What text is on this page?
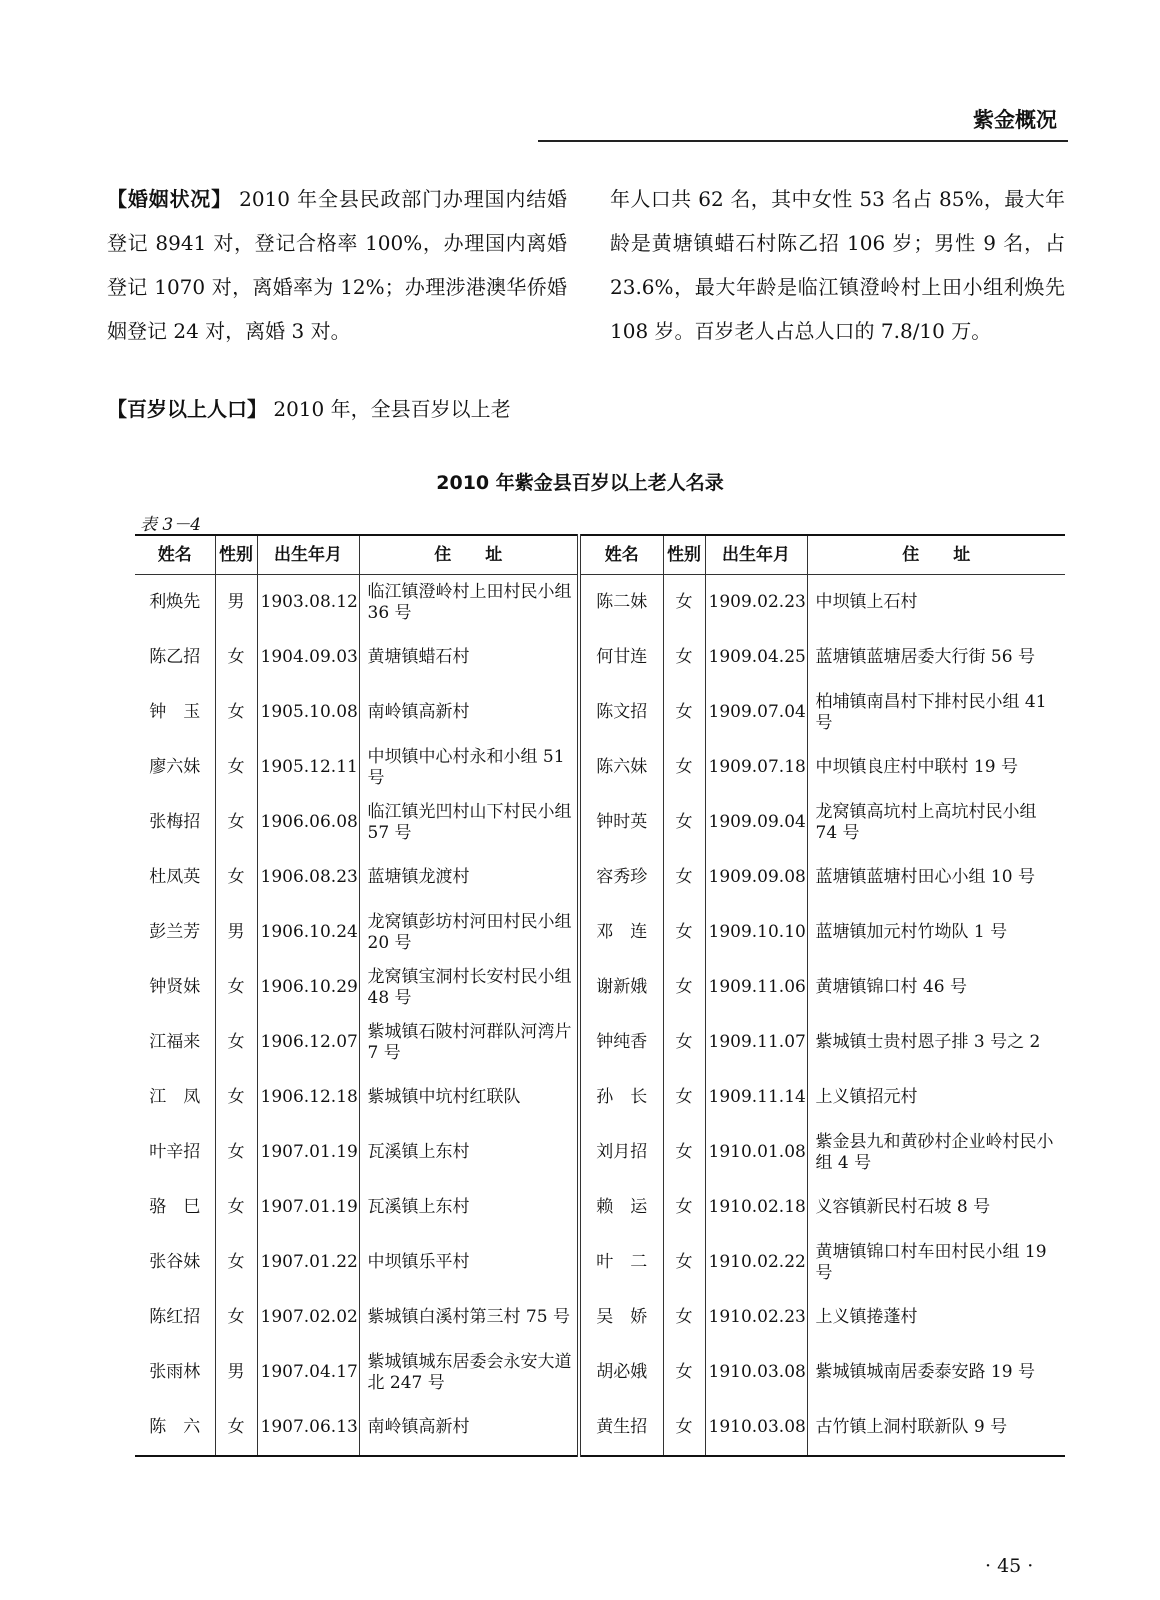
紫金概况

【婚姻状况】 2010 年全县民政部门办理国内结婚登记 8941 对，登记合格率 100%，办理国内离婚登记 1070 对，离婚率为 12%；办理涉港澳华侨婚姻登记 24 对，离婚 3 对。

【百岁以上人口】 2010 年，全县百岁以上老

年人口共 62 名，其中女性 53 名占 85%，最大年龄是黄塘镇蜡石村陈乙招 106 岁；男性 9 名，占 23.6%，最大年龄是临江镇澄岭村上田小组利焕先 108 岁。百岁老人占总人口的 7.8/10 万。

2010 年紫金县百岁以上老人名录
表 3－4
姓名	性别	出生年月	住　　址	姓名	性别	出生年月	住　　址
利焕先	男	1903.08.12	临江镇澄岭村上田村民小组 36 号	陈二妹	女	1909.02.23	中坝镇上石村
陈乙招	女	1904.09.03	黄塘镇蜡石村	何甘连	女	1909.04.25	蓝塘镇蓝塘居委大行街 56 号
钟　玉	女	1905.10.08	南岭镇高新村	陈文招	女	1909.07.04	柏埔镇南昌村下排村民小组 41 号
廖六妹	女	1905.12.11	中坝镇中心村永和小组 51 号	陈六妹	女	1909.07.18	中坝镇良庄村中联村 19 号
张梅招	女	1906.06.08	临江镇光凹村山下村民小组 57 号	钟时英	女	1909.09.04	龙窝镇高坑村上高坑村民小组 74 号
杜凤英	女	1906.08.23	蓝塘镇龙渡村	容秀珍	女	1909.09.08	蓝塘镇蓝塘村田心小组 10 号
彭兰芳	男	1906.10.24	龙窝镇彭坊村河田村民小组 20 号	邓　连	女	1909.10.10	蓝塘镇加元村竹坳队 1 号
钟贤妹	女	1906.10.29	龙窝镇宝洞村长安村民小组 48 号	谢新娥	女	1909.11.06	黄塘镇锦口村 46 号
江福来	女	1906.12.07	紫城镇石陂村河群队河湾片 7 号	钟纯香	女	1909.11.07	紫城镇士贵村恩子排 3 号之 2
江　凤	女	1906.12.18	紫城镇中坑村红联队	孙　长	女	1909.11.14	上义镇招元村
叶辛招	女	1907.01.19	瓦溪镇上东村	刘月招	女	1910.01.08	紫金县九和黄砂村企业岭村民小组 4 号
骆　巳	女	1907.01.19	瓦溪镇上东村	赖　运	女	1910.02.18	义容镇新民村石坡 8 号
张谷妹	女	1907.01.22	中坝镇乐平村	叶　二	女	1910.02.22	黄塘镇锦口村车田村民小组 19 号
陈红招	女	1907.02.02	紫城镇白溪村第三村 75 号	吴　娇	女	1910.02.23	上义镇捲蓬村
张雨林	男	1907.04.17	紫城镇城东居委会永安大道北 247 号	胡必娥	女	1910.03.08	紫城镇城南居委泰安路 19 号
陈　六	女	1907.06.13	南岭镇高新村	黄生招	女	1910.03.08	古竹镇上洞村联新队 9 号
· 45 ·
